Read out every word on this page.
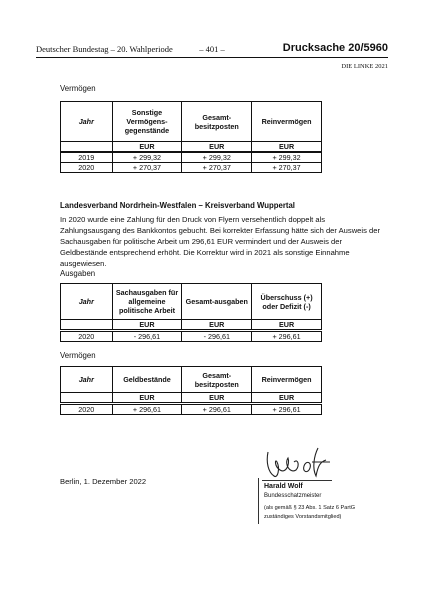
Deutscher Bundestag – 20. Wahlperiode	– 401 –	Drucksache 20/5960
DIE LINKE 2021
Vermögen
Jahr	Sonstige Vermögens-gegenstände	Gesamt-besitzposten	Reinvermögen
	EUR	EUR	EUR
2019	+ 299,32	+ 299,32	+ 299,32
2020	+ 270,37	+ 270,37	+ 270,37
Landesverband Nordrhein-Westfalen – Kreisverband Wuppertal
In 2020 wurde eine Zahlung für den Druck von Flyern versehentlich doppelt als Zahlungsausgang des Bankkontos gebucht. Bei korrekter Erfassung hätte sich der Ausweis der Sachausgaben für politische Arbeit um 296,61 EUR vermindert und der Ausweis der Geldbestände entsprechend erhöht. Die Korrektur wird in 2021 als sonstige Einnahme ausgewiesen.
Ausgaben
Jahr	Sachausgaben für allgemeine politische Arbeit	Gesamt-ausgaben	Überschuss (+) oder Defizit (-)
	EUR	EUR	EUR
2020	- 296,61	- 296,61	+ 296,61
Vermögen
Jahr	Geldbestände	Gesamt-besitzposten	Reinvermögen
	EUR	EUR	EUR
2020	+ 296,61	+ 296,61	+ 296,61
Berlin, 1. Dezember 2022
Harald Wolf
Bundesschatzmeister
(als gemäß § 23 Abs. 1 Satz 6 PartG
zuständiges Vorstandsmitglied)
